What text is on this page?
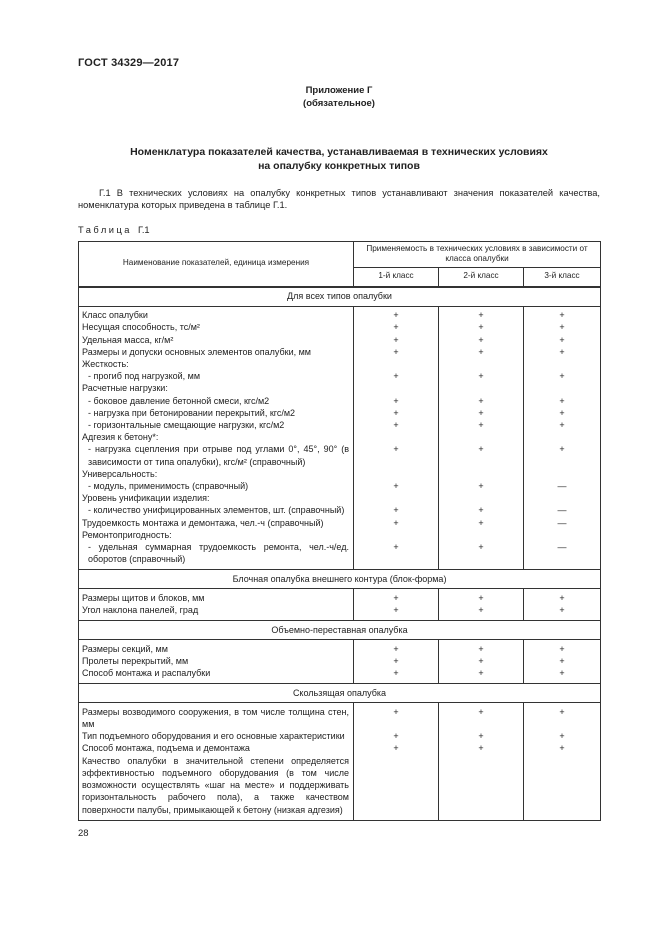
ГОСТ 34329—2017
Приложение Г
(обязательное)
Номенклатура показателей качества, устанавливаемая в технических условиях
на опалубку конкретных типов

Г.1 В технических условиях на опалубку конкретных типов устанавливают значения показателей качества, номенклатура которых приведена в таблице Г.1.

Таблица Г.1
Наименование показателей, единица измерения	Применяемость в технических условиях в зависимости от класса опалубки		
	1-й класс	2-й класс	3-й класс
Для всех типов опалубки			
Класс опалубки	+	+	+
Несущая способность, тс/м²	+	+	+
Удельная масса, кг/м²	+	+	+
Размеры и допуски основных элементов опалубки, мм	+	+	+
Жесткость:			
- прогиб под нагрузкой, мм	+	+	+
Расчетные нагрузки:			
- боковое давление бетонной смеси, кгс/м2	+	+	+
- нагрузка при бетонировании перекрытий, кгс/м2	+	+	+
- горизонтальные смещающие нагрузки, кгс/м2	+	+	+
Адгезия к бетону*:			
- нагрузка сцепления при отрыве под углами 0°, 45°, 90° (в зависимости от типа опалубки), кгс/м² (справочный)	+	+	+
Универсальность:			
- модуль, применимость (справочный)	+	+	—
Уровень унификации изделия:			
- количество унифицированных элементов, шт. (справочный)	+	+	—
Трудоемкость монтажа и демонтажа, чел.-ч (справочный)	+	+	—
Ремонтопригодность:			
- удельная суммарная трудоемкость ремонта, чел.-ч/ед. оборотов (справочный)	+	+	—
Блочная опалубка внешнего контура (блок-форма)			
Размеры щитов и блоков, мм	+	+	+
Угол наклона панелей, град	+	+	+
Объемно-переставная опалубка			
Размеры секций, мм	+	+	+
Пролеты перекрытий, мм	+	+	+
Способ монтажа и распалубки	+	+	+
Скользящая опалубка			
Размеры возводимого сооружения, в том числе толщина стен, мм	+	+	+
Тип подъемного оборудования и его основные характеристики	+	+	+
Способ монтажа, подъема и демонтажа	+	+	+
Качество опалубки в значительной степени определяется эффективностью подъемного оборудования (в том числе возможности осуществлять «шаг на месте» и поддерживать горизонтальность рабочего пола), а также качеством поверхности палубы, примыкающей к бетону (низкая адгезия)			
28
